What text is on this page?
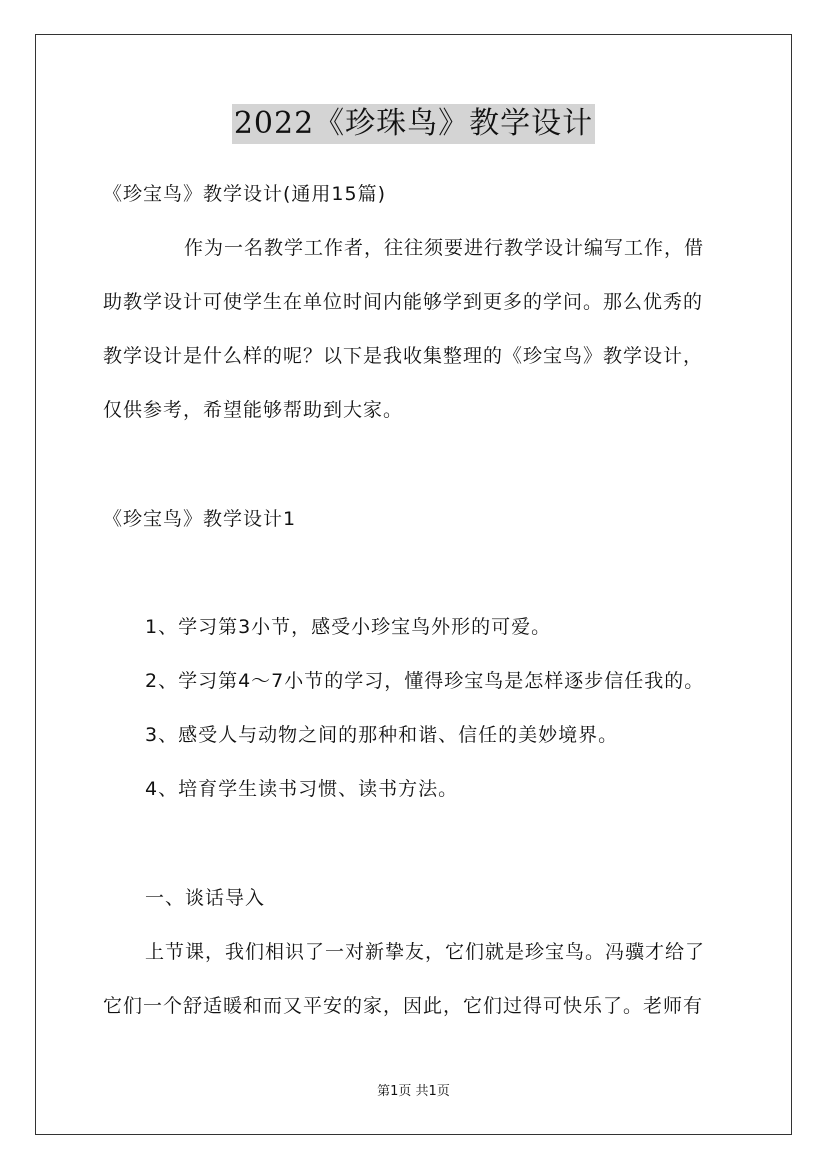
2022《珍珠鸟》教学设计
《珍宝鸟》教学设计(通用15篇)
作为一名教学工作者，往往须要进行教学设计编写工作，借
助教学设计可使学生在单位时间内能够学到更多的学问。那么优秀的
教学设计是什么样的呢？以下是我收集整理的《珍宝鸟》教学设计，
仅供参考，希望能够帮助到大家。
《珍宝鸟》教学设计1
1、学习第3小节，感受小珍宝鸟外形的可爱。
2、学习第4～7小节的学习，懂得珍宝鸟是怎样逐步信任我的。
3、感受人与动物之间的那种和谐、信任的美妙境界。
4、培育学生读书习惯、读书方法。
一、谈话导入
上节课，我们相识了一对新挚友，它们就是珍宝鸟。冯骥才给了
它们一个舒适暖和而又平安的家，因此，它们过得可快乐了。老师有
第1页 共1页
